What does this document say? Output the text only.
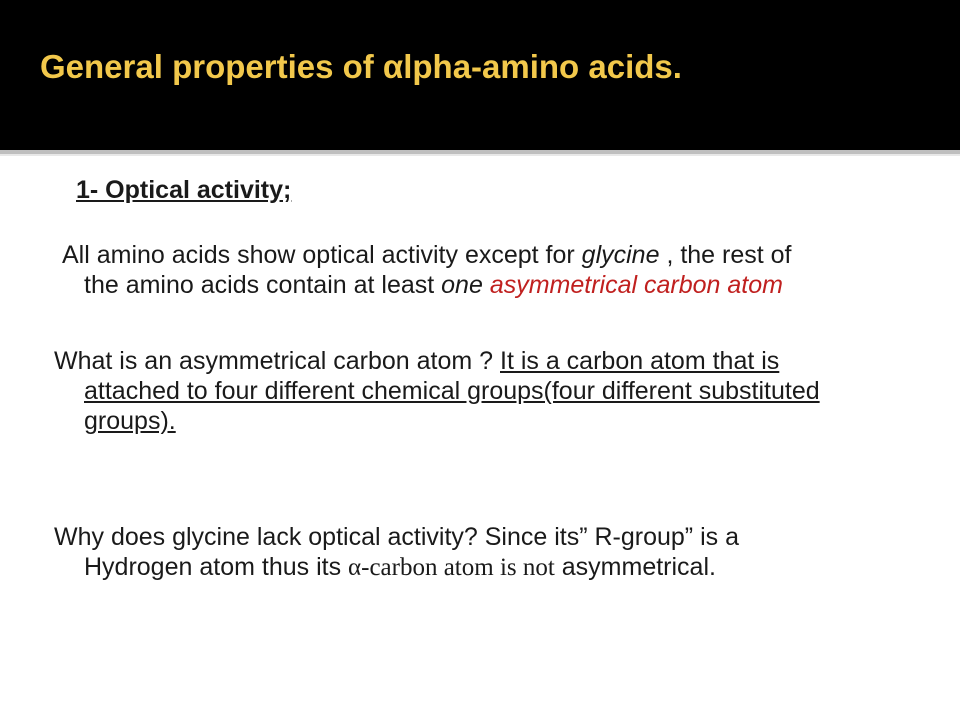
General properties of αlpha-amino acids.
1- Optical activity;
All amino acids show optical activity except for glycine , the rest of the amino acids contain at least one asymmetrical carbon atom
What is an asymmetrical carbon atom ? It is a carbon atom that is attached to four different chemical groups(four different substituted groups).
Why does glycine lack optical activity? Since its” R-group” is a Hydrogen atom thus its α-carbon atom is not asymmetrical.
